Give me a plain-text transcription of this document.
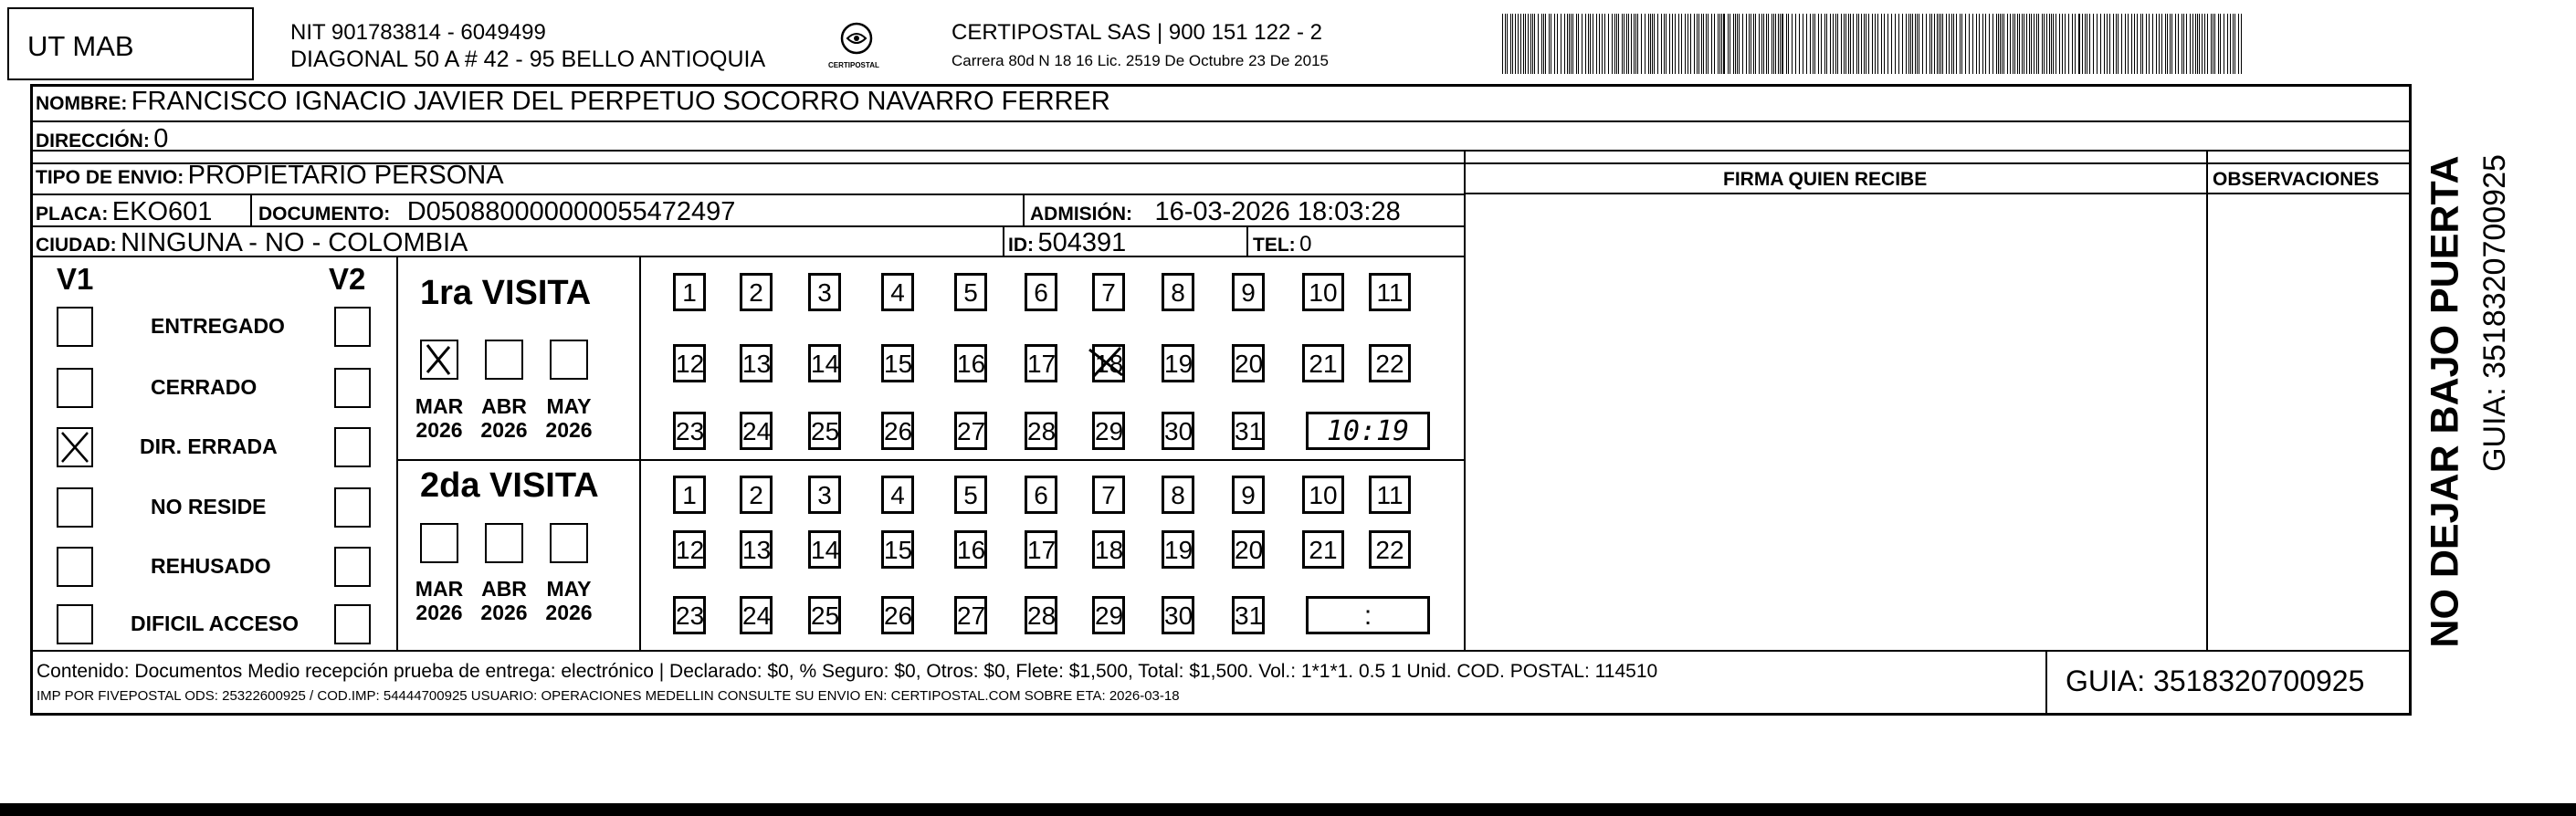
UT MAB	NIT 901783814 - 6049499
DIAGONAL 50 A # 42 - 95 BELLO ANTIOQUIA	CERTIPOSTAL
CERTIPOSTAL SAS | 900 151 122 - 2
Carrera 80d N 18 16 Lic. 2519 De Octubre 23 De 2015
NOMBRE: FRANCISCO IGNACIO JAVIER DEL PERPETUO SOCORRO NAVARRO FERRER
DIRECCIÓN: 0
TIPO DE ENVIO: PROPIETARIO PERSONA
PLACA: EKO601 DOCUMENTO: D050880000000055472497	ADMISIÓN: 16-03-2026 18:03:28
CIUDAD: NINGUNA - NO - COLOMBIA	ID: 504391	TEL: 0
FIRMA QUIEN RECIBE	OBSERVACIONES
V1	V2
ENTREGADO
CERRADO
DIR. ERRADA
NO RESIDE
REHUSADO
DIFICIL ACCESO
1ra VISITA
2da VISITA
MAR
2026
ABR
2026
MAY
2026
MAR
2026
ABR
2026
MAY
2026
1	2	3	4	5	6	7	8	9	10	11
12 13 14 15 16 17 18 19 20 21 22
23 24 25 26 27 28 29 30 31	10:19
1	2	3	4	5	6	7	8	9	10	11
12 13 14 15 16 17 18 19 20 21 22
23 24 25 26 27 28 29 30 31	:	NO DEJAR BAJO PUERTA GUIA: 3518320700925
Contenido: Documentos Medio recepción prueba de entrega: electrónico | Declarado: $0, % Seguro: $0, Otros: $0, Flete: $1,500, Total: $1,500. Vol.: 1*1*1. 0.5 1 Unid. COD. POSTAL: 114510
IMP POR FIVEPOSTAL ODS: 25322600925 / COD.IMP: 54444700925 USUARIO: OPERACIONES MEDELLIN CONSULTE SU ENVIO EN: CERTIPOSTAL.COM SOBRE ETA: 2026-03-18	GUIA: 3518320700925
